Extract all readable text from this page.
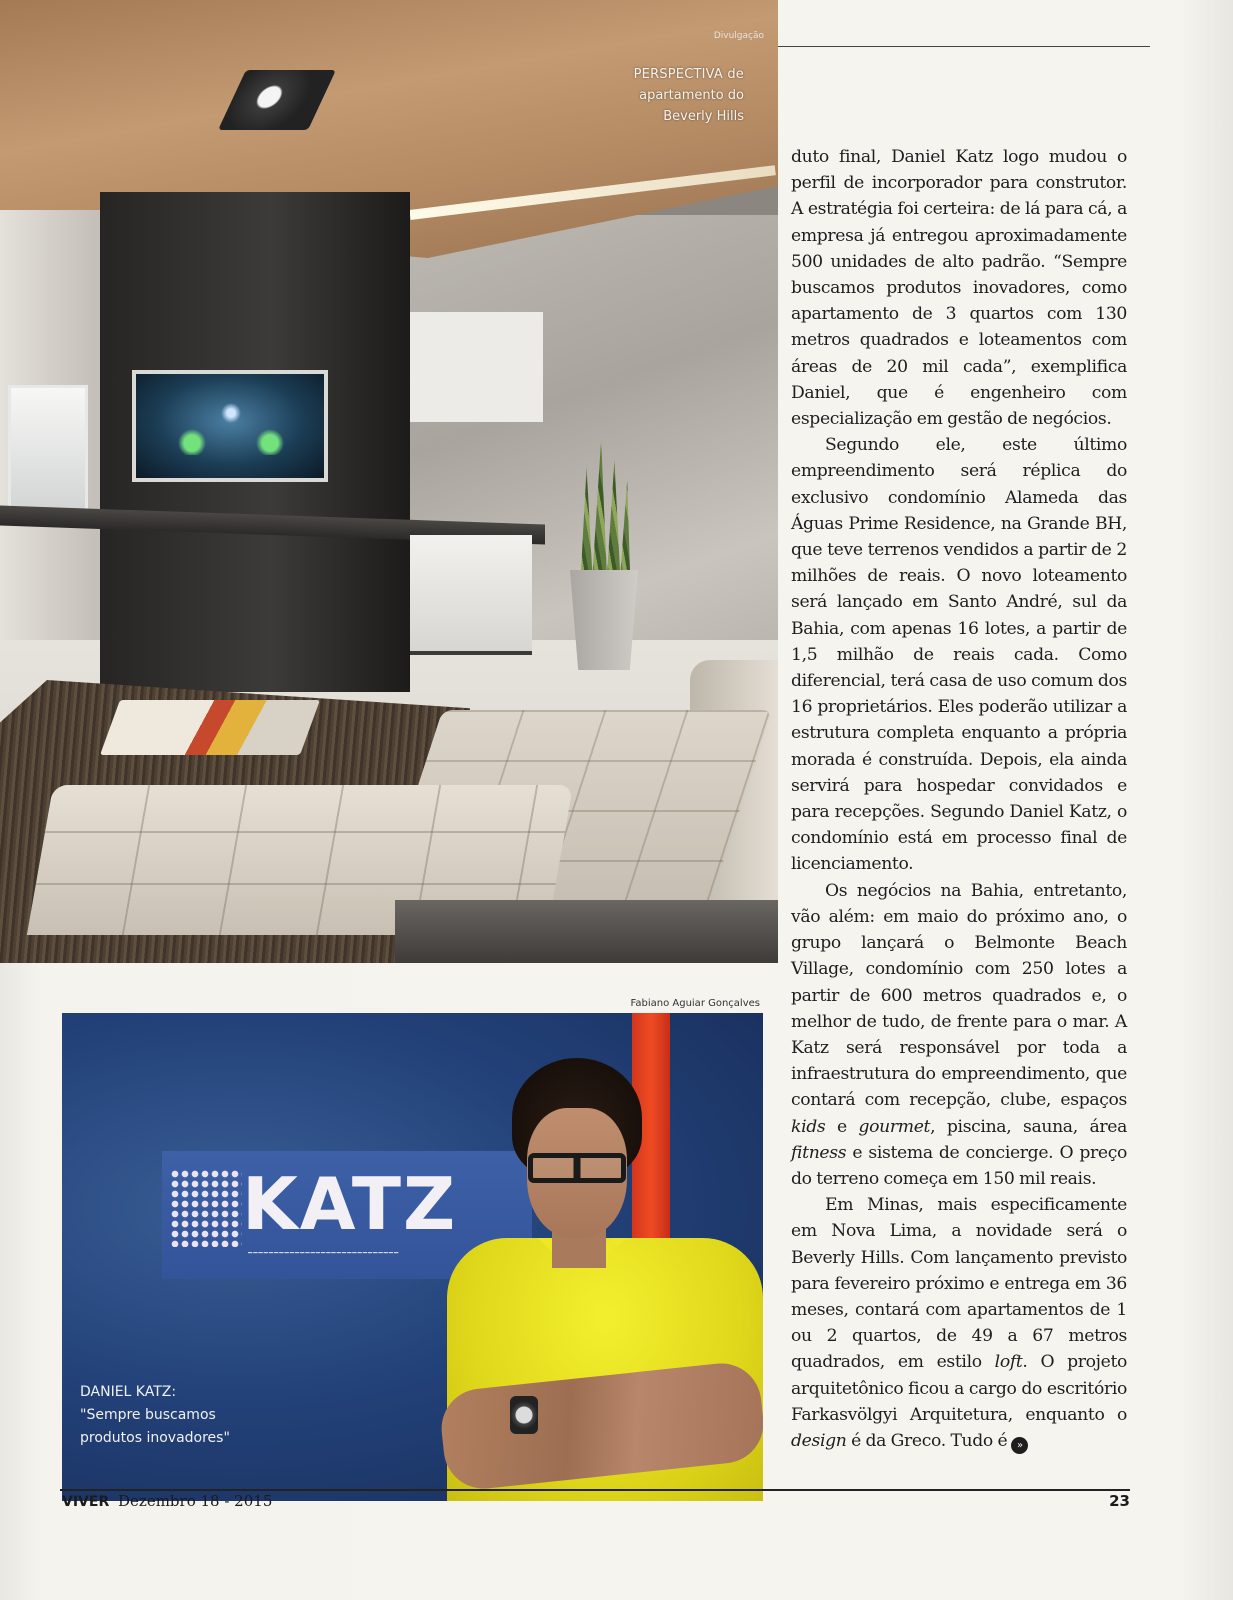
Divulgação
PERSPECTIVA de
apartamento do
Beverly Hills
Fabiano Aguiar Gonçalves
KATZ
━━━━━━━━━━━━━━━━━━━━━━━━━━━━━
DANIEL KATZ:
"Sempre buscamos
produtos inovadores"

duto final, Daniel Katz logo mudou o perfil de incorporador para construtor. A estratégia foi certeira: de lá para cá, a empresa já entregou aproximadamente 500 unidades de alto padrão. “Sempre buscamos produtos inovadores, como apartamento de 3 quartos com 130 metros quadrados e loteamentos com áreas de 20 mil cada”, exemplifica Daniel, que é engenheiro com especialização em gestão de negócios.

Segundo ele, este último empreendimento será réplica do exclusivo condomínio Alameda das Águas Prime Residence, na Grande BH, que teve terrenos vendidos a partir de 2 milhões de reais. O novo loteamento será lançado em Santo André, sul da Bahia, com apenas 16 lotes, a partir de 1,5 milhão de reais cada. Como diferencial, terá casa de uso comum dos 16 proprietários. Eles poderão utilizar a estrutura completa enquanto a própria morada é construída. Depois, ela ainda servirá para hospedar convidados e para recepções. Segundo Daniel Katz, o condomínio está em processo final de licenciamento.

Os negócios na Bahia, entretanto, vão além: em maio do próximo ano, o grupo lançará o Belmonte Beach Village, condomínio com 250 lotes a partir de 600 metros quadrados e, o melhor de tudo, de frente para o mar. A Katz será responsável por toda a infraestrutura do empreendimento, que contará com recepção, clube, espaços kids e gourmet, piscina, sauna, área fitness e sistema de concierge. O preço do terreno começa em 150 mil reais.

Em Minas, mais especificamente em Nova Lima, a novidade será o Beverly Hills. Com lançamento previsto para fevereiro próximo e entrega em 36 meses, contará com apartamentos de 1 ou 2 quartos, de 49 a 67 metros quadrados, em estilo loft. O projeto arquitetônico ficou a cargo do escritório Farkasvölgyi Arquitetura, enquanto o design é da Greco. Tudo é »

VIVER Dezembro 18 - 2015	23
